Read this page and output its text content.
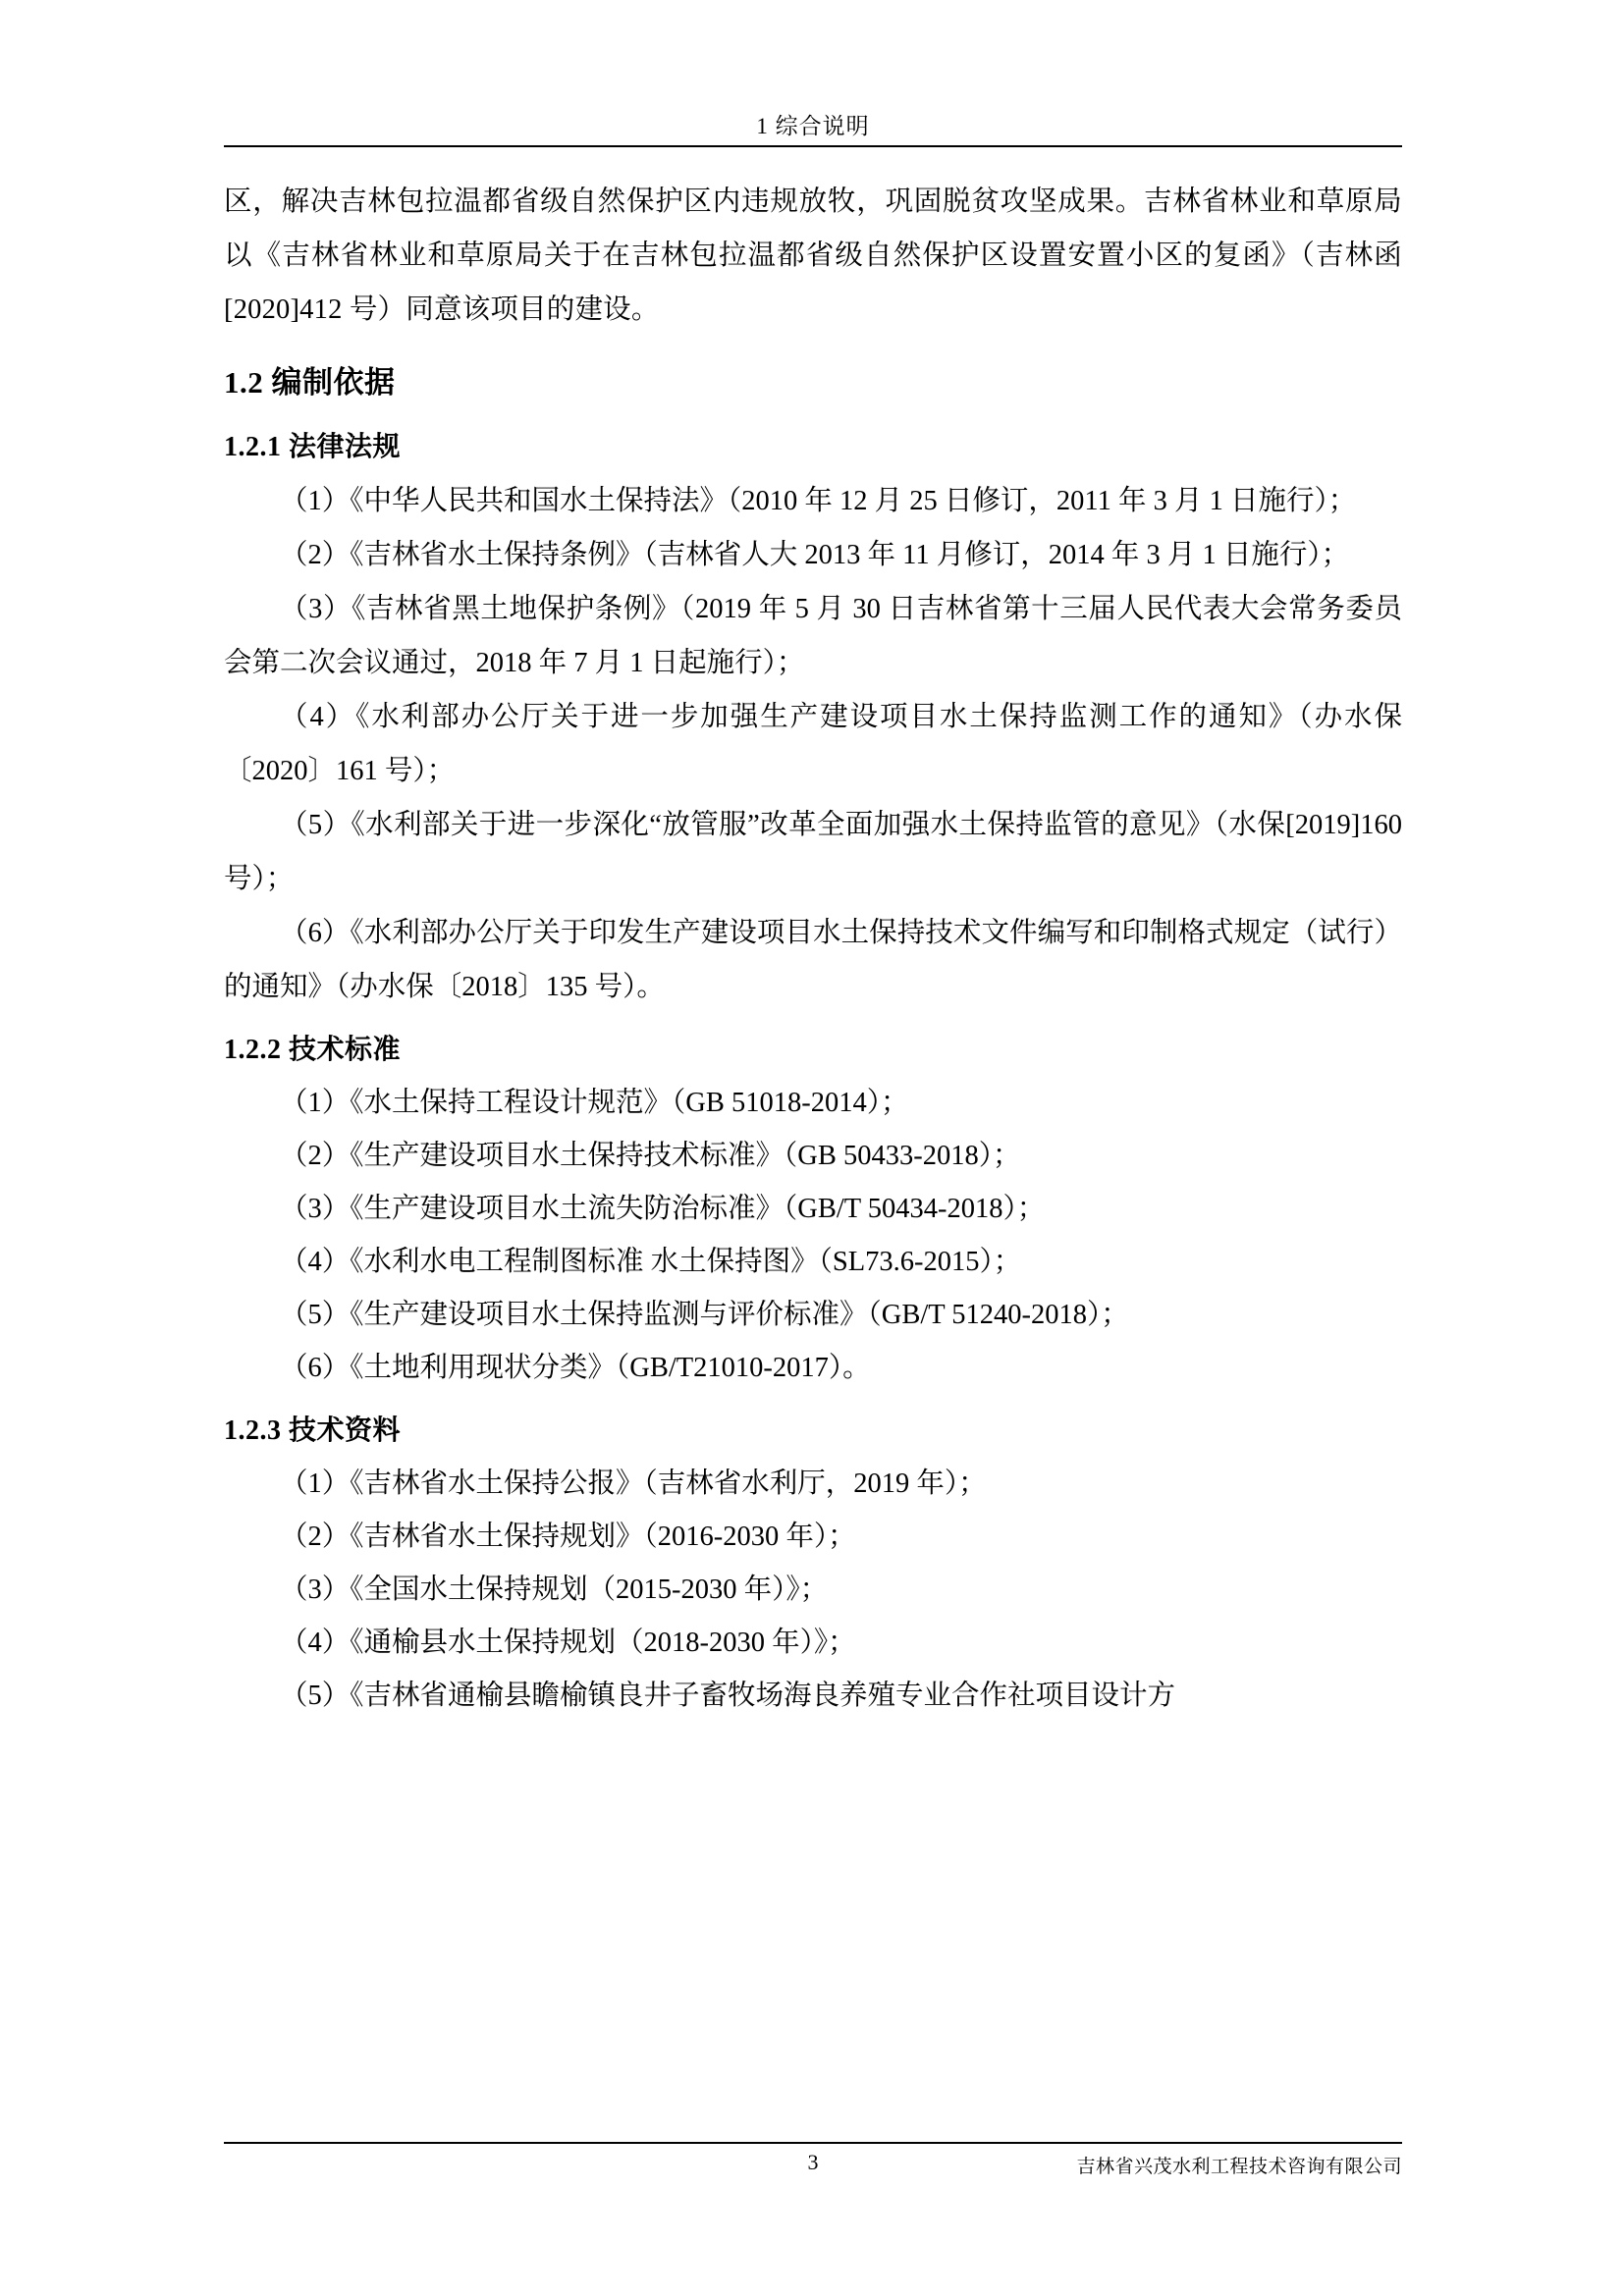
1 综合说明

区，解决吉林包拉温都省级自然保护区内违规放牧，巩固脱贫攻坚成果。吉林省林业和草原局以《吉林省林业和草原局关于在吉林包拉温都省级自然保护区设置安置小区的复函》（吉林函[2020]412 号）同意该项目的建设。

1.2 编制依据
1.2.1 法律法规

（1）《中华人民共和国水土保持法》（2010 年 12 月 25 日修订，2011 年 3 月 1 日施行）；

（2）《吉林省水土保持条例》（吉林省人大 2013 年 11 月修订，2014 年 3 月 1 日施行）；

（3）《吉林省黑土地保护条例》（2019 年 5 月 30 日吉林省第十三届人民代表大会常务委员会第二次会议通过，2018 年 7 月 1 日起施行）；

（4）《水利部办公厅关于进一步加强生产建设项目水土保持监测工作的通知》（办水保〔2020〕161 号）；

（5）《水利部关于进一步深化“放管服”改革全面加强水土保持监管的意见》（水保[2019]160 号）；

（6）《水利部办公厅关于印发生产建设项目水土保持技术文件编写和印制格式规定（试行）的通知》（办水保〔2018〕135 号）。

1.2.2 技术标准

（1）《水土保持工程设计规范》（GB 51018-2014）；

（2）《生产建设项目水土保持技术标准》（GB 50433-2018）；

（3）《生产建设项目水土流失防治标准》（GB/T 50434-2018）；

（4）《水利水电工程制图标准 水土保持图》（SL73.6-2015）；

（5）《生产建设项目水土保持监测与评价标准》（GB/T 51240-2018）；

（6）《土地利用现状分类》（GB/T21010-2017）。

1.2.3 技术资料

（1）《吉林省水土保持公报》（吉林省水利厅，2019 年）；

（2）《吉林省水土保持规划》（2016-2030 年）；

（3）《全国水土保持规划（2015-2030 年）》；

（4）《通榆县水土保持规划（2018-2030 年）》；

（5）《吉林省通榆县瞻榆镇良井子畜牧场海良养殖专业合作社项目设计方

3	吉林省兴茂水利工程技术咨询有限公司
